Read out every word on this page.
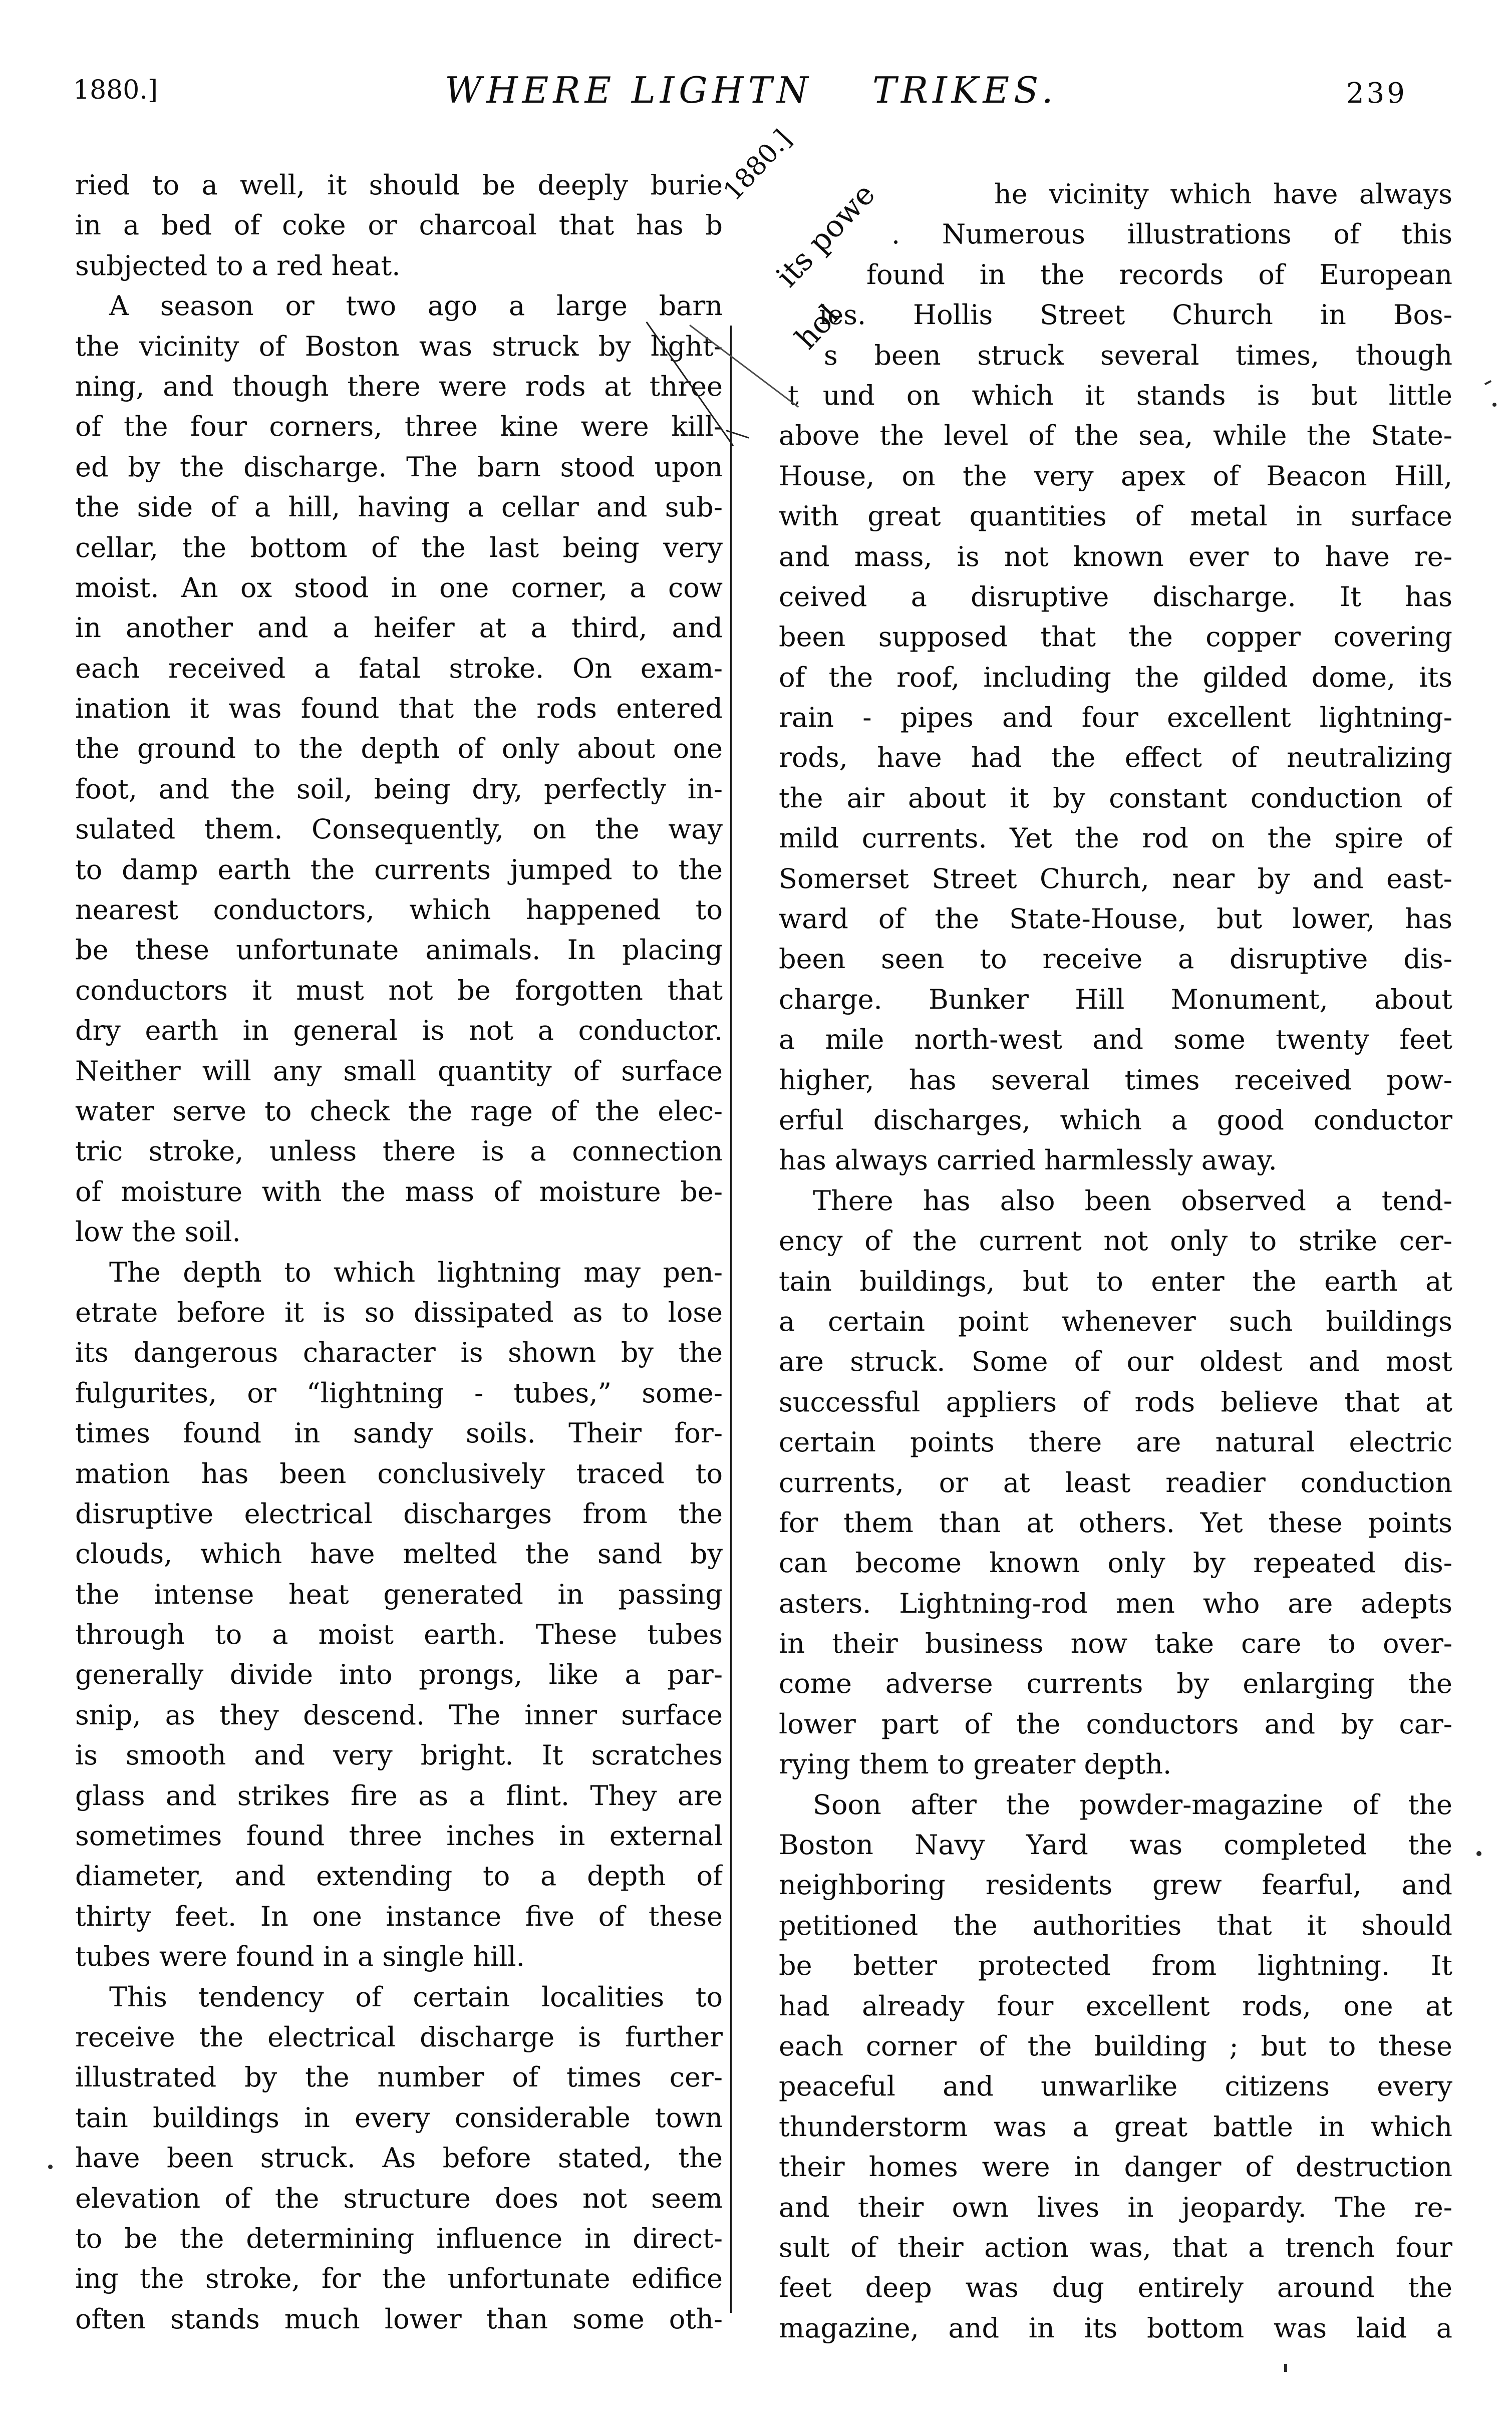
1880.]	WHERE LIGHTN TRIKES.	239
ried to a well, it should be deeply burie
in a bed of coke or charcoal that has b
subjected to a red heat.
A season or two ago a large barn
the vicinity of Boston was struck by light-
ning, and though there were rods at three
of the four corners, three kine were kill-
ed by the discharge. The barn stood upon
the side of a hill, having a cellar and sub-
cellar, the bottom of the last being very
moist. An ox stood in one corner, a cow
in another and a heifer at a third, and
each received a fatal stroke. On exam-
ination it was found that the rods entered
the ground to the depth of only about one
foot, and the soil, being dry, perfectly in-
sulated them. Consequently, on the way
to damp earth the currents jumped to the
nearest conductors, which happened to
be these unfortunate animals. In placing
conductors it must not be forgotten that
dry earth in general is not a conductor.
Neither will any small quantity of surface
water serve to check the rage of the elec-
tric stroke, unless there is a connection
of moisture with the mass of moisture be-
low the soil.
The depth to which lightning may pen-
etrate before it is so dissipated as to lose
its dangerous character is shown by the
fulgurites, or “lightning - tubes,” some-
times found in sandy soils. Their for-
mation has been conclusively traced to
disruptive electrical discharges from the
clouds, which have melted the sand by
the intense heat generated in passing
through to a moist earth. These tubes
generally divide into prongs, like a par-
snip, as they descend. The inner surface
is smooth and very bright. It scratches
glass and strikes fire as a flint. They are
sometimes found three inches in external
diameter, and extending to a depth of
thirty feet. In one instance five of these
tubes were found in a single hill.
This tendency of certain localities to
receive the electrical discharge is further
illustrated by the number of times cer-
tain buildings in every considerable town
have been struck. As before stated, the
elevation of the structure does not seem
to be the determining influence in direct-
ing the stroke, for the unfortunate edifice
often stands much lower than some oth-
he vicinity which have always
. Numerous illustrations of this
found in the records of European
ies. Hollis Street Church in Bos-
s been struck several times, though
t und on which it stands is but little
above the level of the sea, while the State-
House, on the very apex of Beacon Hill,
with great quantities of metal in surface
and mass, is not known ever to have re-
ceived a disruptive discharge. It has
been supposed that the copper covering
of the roof, including the gilded dome, its
rain - pipes and four excellent lightning-
rods, have had the effect of neutralizing
the air about it by constant conduction of
mild currents. Yet the rod on the spire of
Somerset Street Church, near by and east-
ward of the State-House, but lower, has
been seen to receive a disruptive dis-
charge. Bunker Hill Monument, about
a mile north-west and some twenty feet
higher, has several times received pow-
erful discharges, which a good conductor
has always carried harmlessly away.
There has also been observed a tend-
ency of the current not only to strike cer-
tain buildings, but to enter the earth at
a certain point whenever such buildings
are struck. Some of our oldest and most
successful appliers of rods believe that at
certain points there are natural electric
currents, or at least readier conduction
for them than at others. Yet these points
can become known only by repeated dis-
asters. Lightning-rod men who are adepts
in their business now take care to over-
come adverse currents by enlarging the
lower part of the conductors and by car-
rying them to greater depth.
Soon after the powder-magazine of the
Boston Navy Yard was completed the
neighboring residents grew fearful, and
petitioned the authorities that it should
be better protected from lightning. It
had already four excellent rods, one at
each corner of the building ; but to these
peaceful and unwarlike citizens every
thunderstorm was a great battle in which
their homes were in danger of destruction
and their own lives in jeopardy. The re-
sult of their action was, that a trench four
feet deep was dug entirely around the
magazine, and in its bottom was laid a
1880.]
its powe
hol
